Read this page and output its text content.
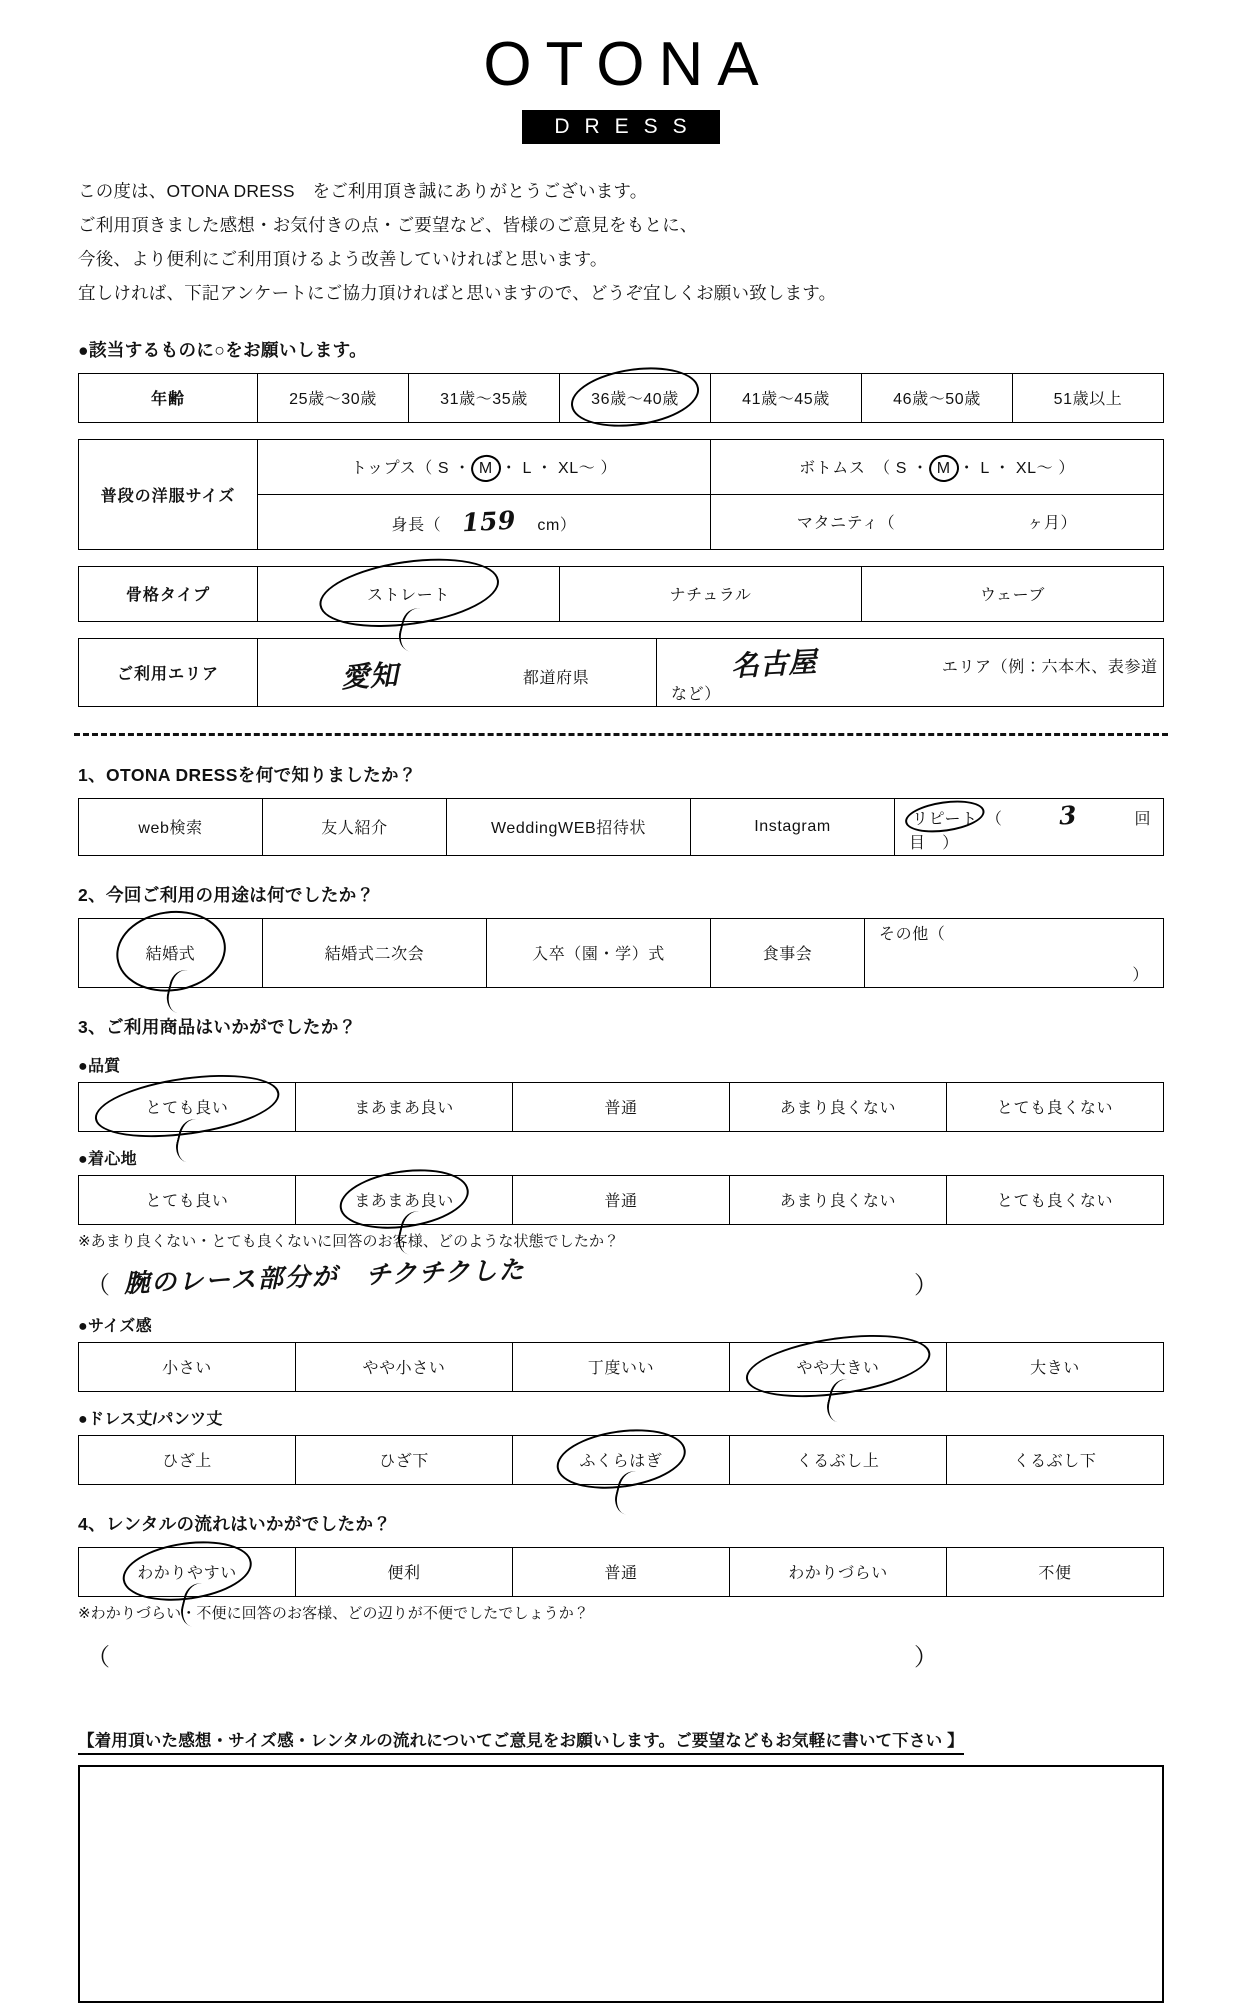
OTONA
DRESS
この度は、OTONA DRESS　をご利用頂き誠にありがとうございます。
ご利用頂きました感想・お気付きの点・ご要望など、皆様のご意見をもとに、
今後、より便利にご利用頂けるよう改善していければと思います。
宜しければ、下記アンケートにご協力頂ければと思いますので、どうぞ宜しくお願い致します。
●該当するものに○をお願いします。
年齢	25歳〜30歳	31歳〜35歳	36歳〜40歳	41歳〜45歳	46歳〜50歳	51歳以上
普段の洋服サイズ	トップス（ S ・ M ・ L ・ XL〜 ）	ボトムス　（ S ・ M ・ L ・ XL〜 ）
	身長（ 159 cm）	マタニティ（ ヶ月）
骨格タイプ	ストレート	ナチュラル	ウェーブ
ご利用エリア	愛知	都道府県	名古屋	エリア（例：六本木、表参道など）
1、OTONA DRESSを何で知りましたか？
web検索	友人紹介	WeddingWEB招待状	Instagram	リピート （ 3	回目　）
2、今回ご利用の用途は何でしたか？
結婚式	結婚式二次会	入卒（園・学）式	食事会	その他（
）
3、ご利用商品はいかがでしたか？
●品質
とても良い	まあまあ良い	普通	あまり良くない	とても良くない
●着心地
とても良い	まあまあ良い	普通	あまり良くない	とても良くない
※あまり良くない・とても良くないに回答のお客様、どのような状態でしたか？
（ 腕のレース部分が　チクチクした	）
●サイズ感
小さい	やや小さい	丁度いい	やや大きい	大きい
●ドレス丈/パンツ丈
ひざ上	ひざ下	ふくらはぎ	くるぶし上	くるぶし下
4、レンタルの流れはいかがでしたか？
わかりやすい	便利	普通	わかりづらい	不便
※わかりづらい・不便に回答のお客様、どの辺りが不便でしたでしょうか？
（	）
【着用頂いた感想・サイズ感・レンタルの流れについてご意見をお願いします。ご要望などもお気軽に書いて下さい 】
